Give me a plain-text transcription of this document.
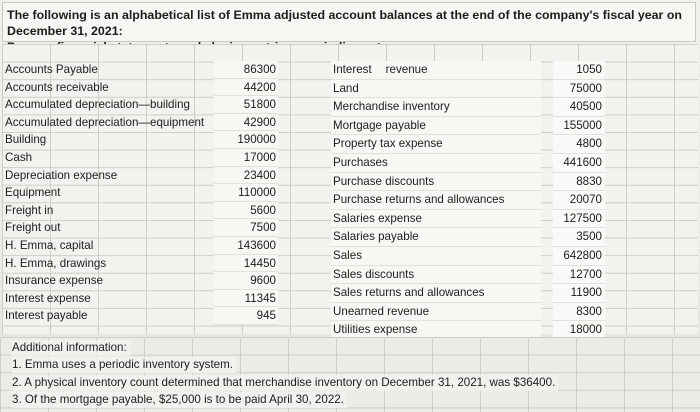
The following is an alphabetical list of Emma adjusted account balances at the end of the company's fiscal year on December 31, 2021:
Accounts Payable
Accounts receivable
Accumulated depreciation—building
Accumulated depreciation—equipment
Building
Cash
Depreciation expense
Equipment
Freight in
Freight out
H. Emma, capital
H. Emma, drawings
Insurance expense
Interest expense
Interest payable
86300
44200
51800
42900
190000
17000
23400
110000
5600
7500
143600
14450
9600
11345
945
Interest revenue
Land
Merchandise inventory
Mortgage payable
Property tax expense
Purchases
Purchase discounts
Purchase returns and allowances
Salaries expense
Salaries payable
Sales
Sales discounts
Sales returns and allowances
Unearned revenue
Utilities expense
1050
75000
40500
155000
4800
441600
8830
20070
127500
3500
642800
12700
11900
8300
18000
Additional information:
1. Emma uses a periodic inventory system.
2. A physical inventory count determined that merchandise inventory on December 31, 2021, was $36400.
3. Of the mortgage payable, $25,000 is to be paid April 30, 2022.
